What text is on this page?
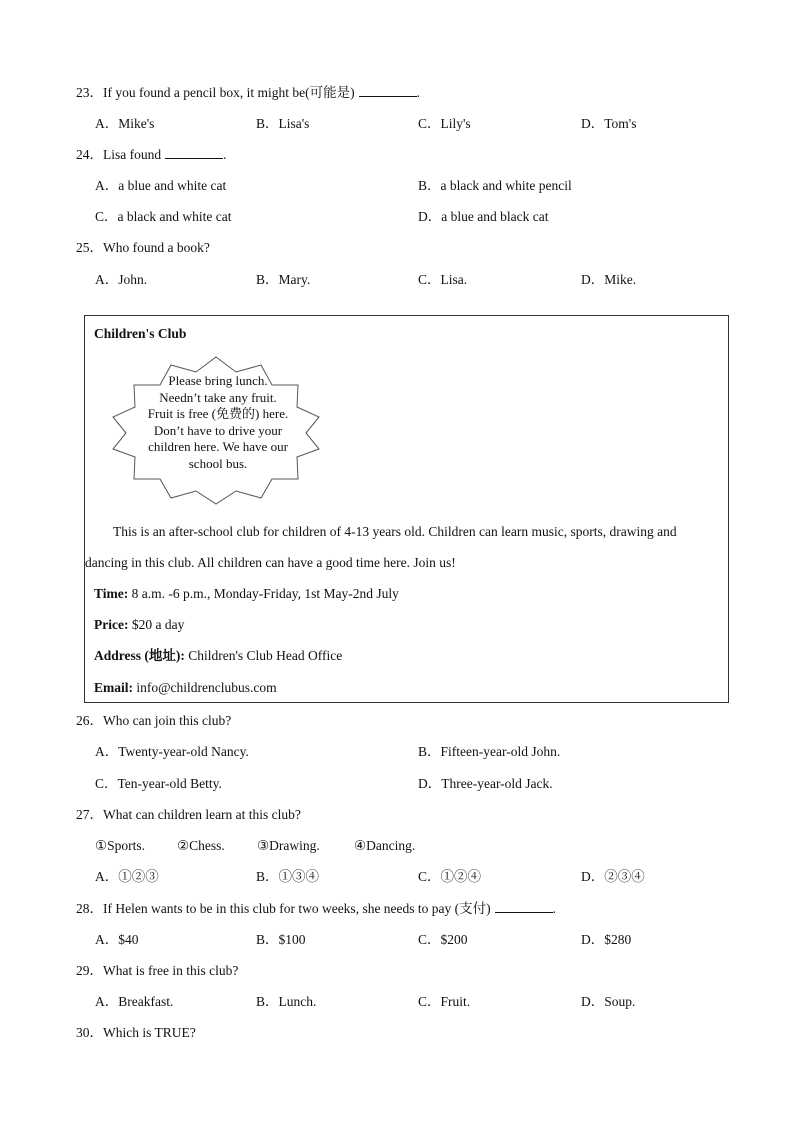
23．If you found a pencil box, it might be(可能是)	.
A．Mike's	B．Lisa's	C．Lily's	D．Tom's
24．Lisa found	.
A．a blue and white cat	B．a black and white pencil
C．a black and white cat	D．a blue and black cat
25．Who found a book?
A．John.	B．Mary.	C．Lisa.	D．Mike.
Children's Club
Please bring lunch.
Needn’t take any fruit.
Fruit is free (免费的) here.
Don’t have to drive your
children here. We have our
school bus.
This is an after-school club for children of 4-13 years old. Children can learn music, sports, drawing and
dancing in this club. All children can have a good time here. Join us!
Time: 8 a.m. -6 p.m., Monday-Friday, 1st May-2nd July
Price: $20 a day
Address (地址): Children's Club Head Office
Email: info@childrenclubus.com
26．Who can join this club?
A．Twenty-year-old Nancy.	B．Fifteen-year-old John.
C．Ten-year-old Betty.	D．Three-year-old Jack.
27．What can children learn at this club?
①Sports. ②Chess. ③Drawing.	④Dancing.
A．①②③	B．①③④	C．①②④	D．②③④
28．If Helen wants to be in this club for two weeks, she needs to pay (支付)	.
A．$40	B．$100	C．$200	D．$280
29．What is free in this club?
A．Breakfast.	B．Lunch.	C．Fruit.	D．Soup.
30．Which is TRUE?
